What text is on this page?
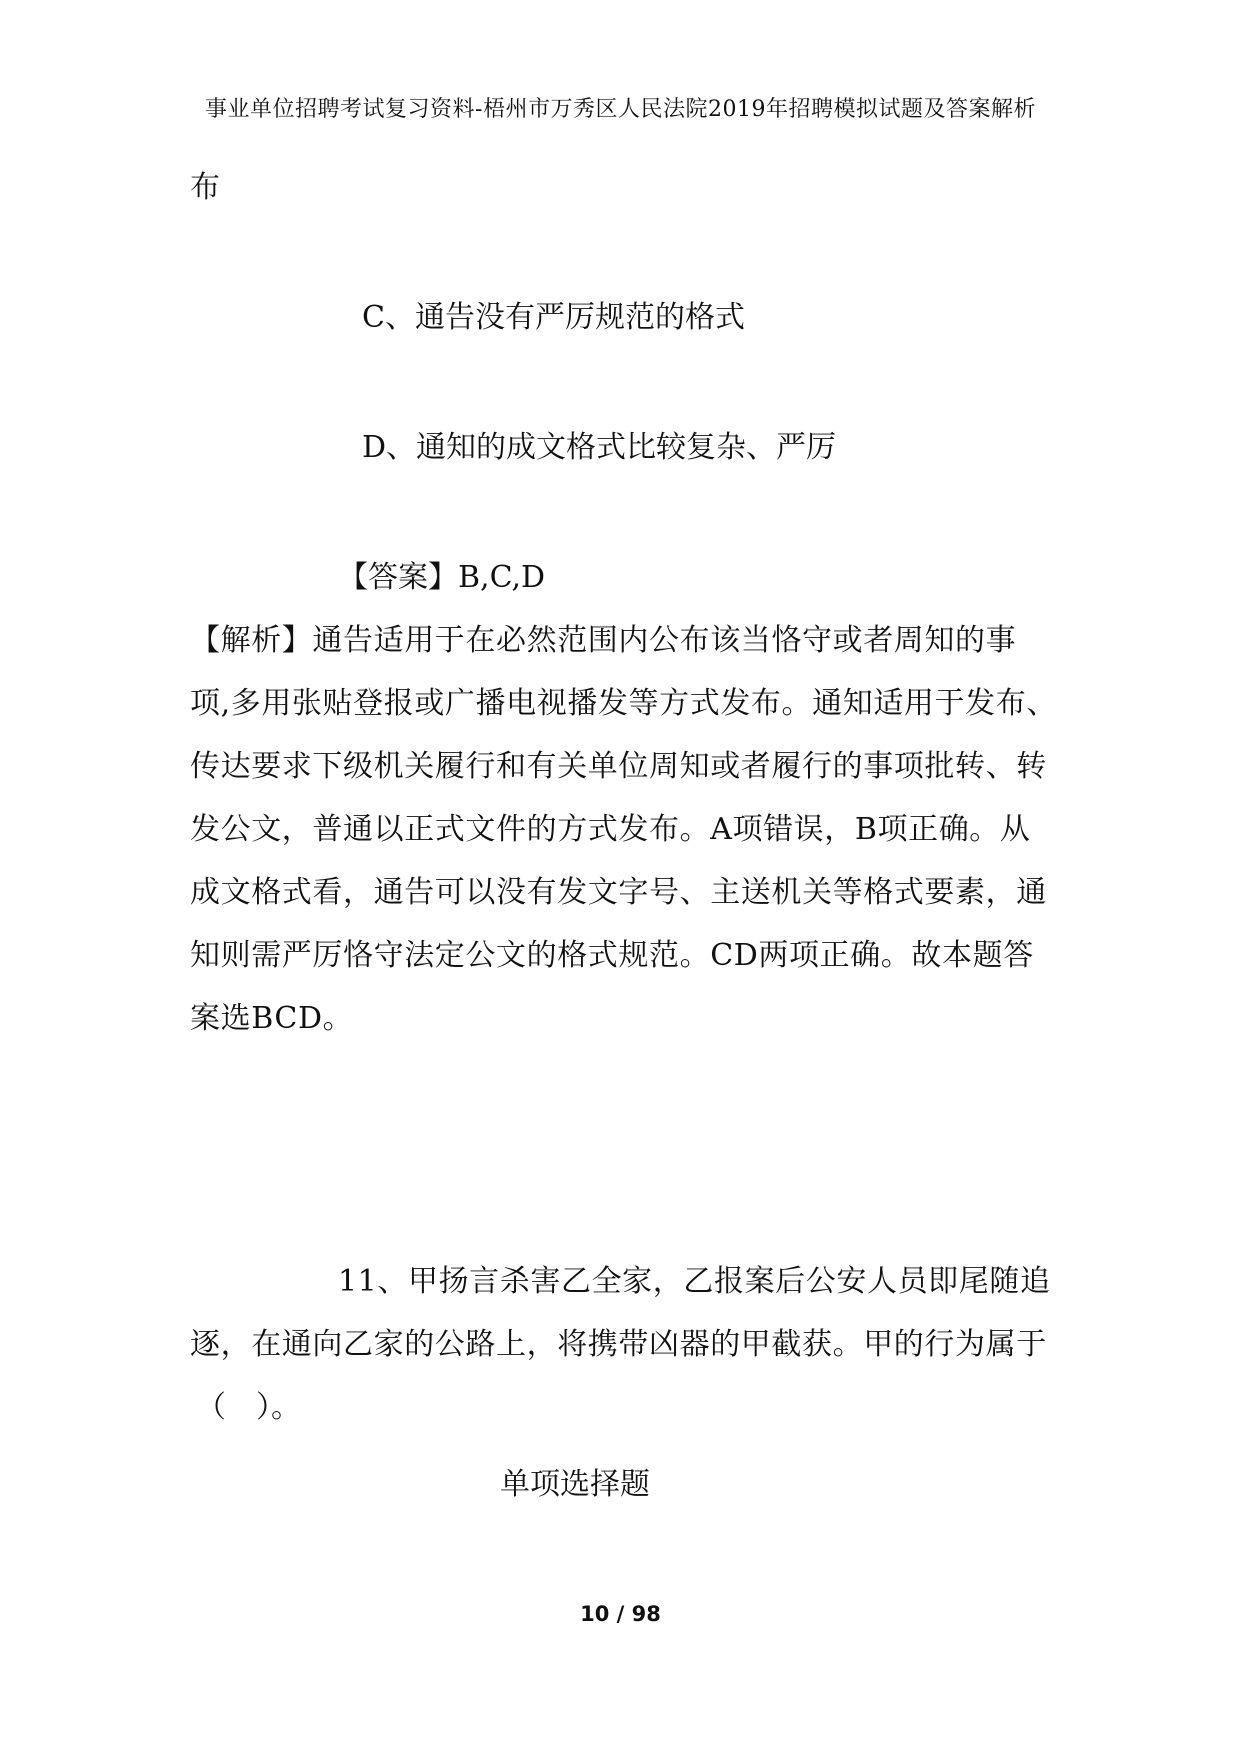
事业单位招聘考试复习资料-梧州市万秀区人民法院2019年招聘模拟试题及答案解析
布
C、通告没有严厉规范的格式
D、通知的成文格式比较复杂、严厉
【答案】B,C,D
【解析】通告适用于在必然范围内公布该当恪守或者周知的事
项,多用张贴登报或广播电视播发等方式发布。通知适用于发布、
传达要求下级机关履行和有关单位周知或者履行的事项批转、转
发公文，普通以正式文件的方式发布。A项错误，B项正确。从
成文格式看，通告可以没有发文字号、主送机关等格式要素，通
知则需严厉恪守法定公文的格式规范。CD两项正确。故本题答
案选BCD。
11、甲扬言杀害乙全家，乙报案后公安人员即尾随追
逐，在通向乙家的公路上，将携带凶器的甲截获。甲的行为属于
（　）。
单项选择题
10 / 98
